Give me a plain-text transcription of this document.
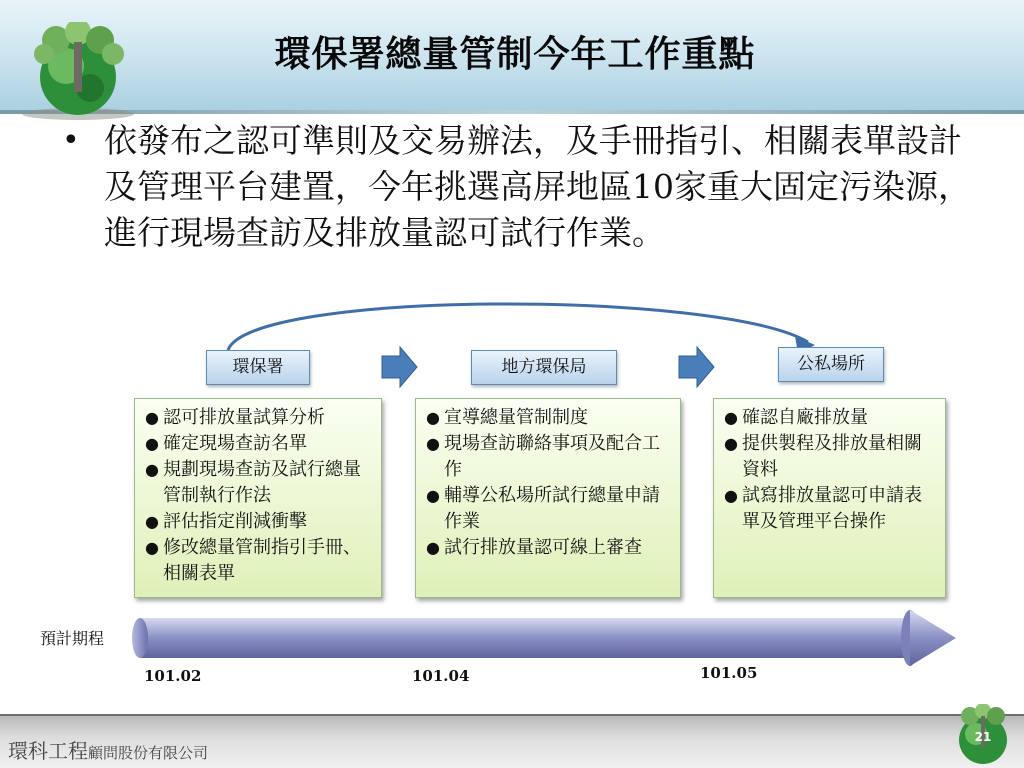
環保署總量管制今年工作重點
• 依發布之認可準則及交易辦法，及手冊指引、相關表單設計及管理平台建置，今年挑選高屏地區10家重大固定污染源，進行現場查訪及排放量認可試行作業。
環保署	地方環保局	公私場所
● 認可排放量試算分析
● 確定現場查訪名單
● 規劃現場查訪及試行總量管制執行作法
● 評估指定削減衝擊
● 修改總量管制指引手冊、相關表單
● 宣導總量管制制度
● 現場查訪聯絡事項及配合工作
● 輔導公私場所試行總量申請作業
● 試行排放量認可線上審查
● 確認自廠排放量
● 提供製程及排放量相關資料
● 試寫排放量認可申請表單及管理平台操作
預計期程
101.02	101.04	101.05
環科工程顧問股份有限公司
21
